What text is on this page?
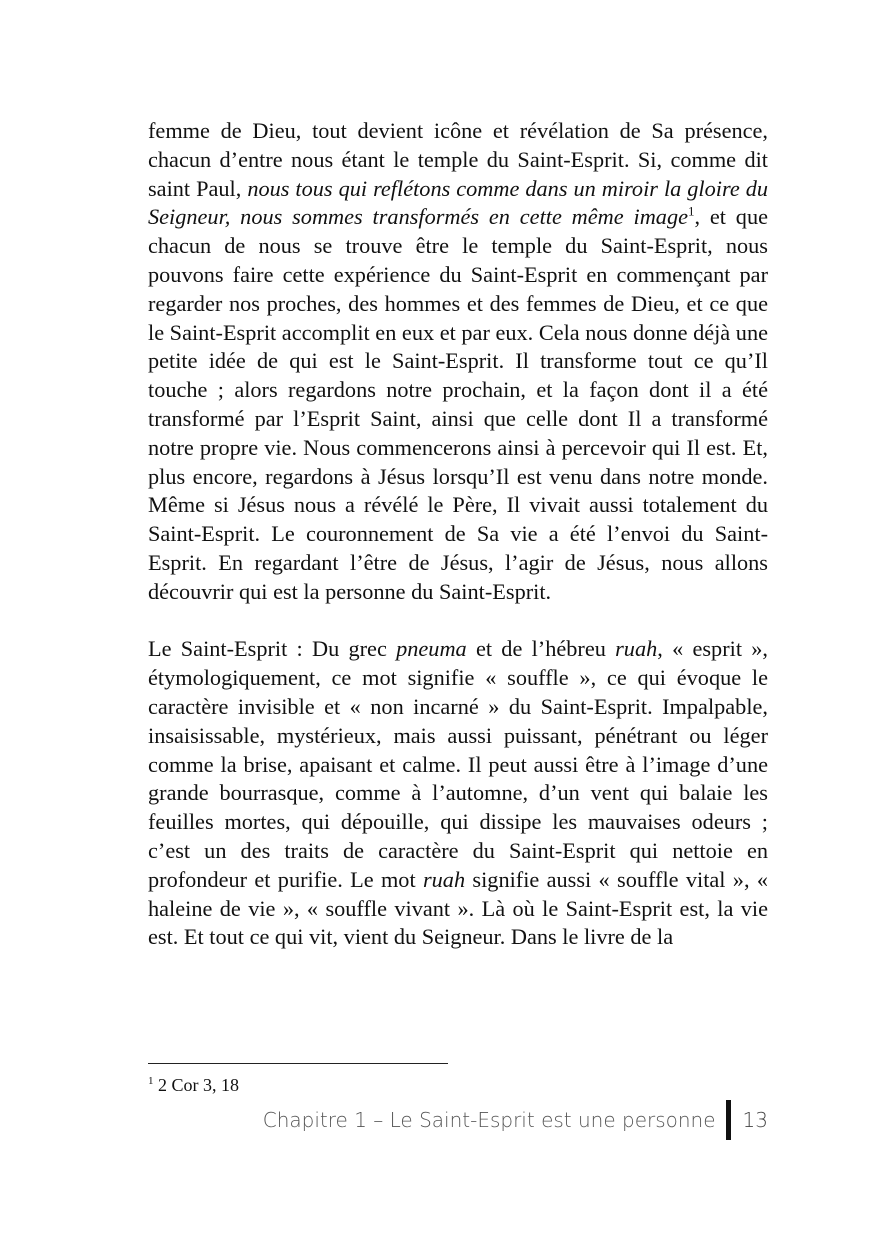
femme de Dieu, tout devient icône et révélation de Sa présence, chacun d’entre nous étant le temple du Saint-Esprit. Si, comme dit saint Paul, nous tous qui reflétons comme dans un miroir la gloire du Seigneur, nous sommes transformés en cette même image$^1$, et que chacun de nous se trouve être le temple du Saint-Esprit, nous pouvons faire cette expérience du Saint-Esprit en commençant par regarder nos proches, des hommes et des femmes de Dieu, et ce que le Saint-Esprit accomplit en eux et par eux. Cela nous donne déjà une petite idée de qui est le Saint-Esprit. Il transforme tout ce qu’Il touche ; alors regardons notre prochain, et la façon dont il a été transformé par l’Esprit Saint, ainsi que celle dont Il a transformé notre propre vie. Nous commencerons ainsi à percevoir qui Il est. Et, plus encore, regardons à Jésus lorsqu’Il est venu dans notre monde. Même si Jésus nous a révélé le Père, Il vivait aussi totalement du Saint-Esprit. Le couronnement de Sa vie a été l’envoi du Saint-Esprit. En regardant l’être de Jésus, l’agir de Jésus, nous allons découvrir qui est la personne du Saint-Esprit.

Le Saint-Esprit : Du grec pneuma et de l’hébreu ruah, « esprit », étymologiquement, ce mot signifie « souffle », ce qui évoque le caractère invisible et « non incarné » du Saint-Esprit. Impalpable, insaisissable, mystérieux, mais aussi puissant, pénétrant ou léger comme la brise, apaisant et calme. Il peut aussi être à l’image d’une grande bourrasque, comme à l’automne, d’un vent qui balaie les feuilles mortes, qui dépouille, qui dissipe les mauvaises odeurs ; c’est un des traits de caractère du Saint-Esprit qui nettoie en profondeur et purifie. Le mot ruah signifie aussi « souffle vital », « haleine de vie », « souffle vivant ». Là où le Saint-Esprit est, la vie est. Et tout ce qui vit, vient du Seigneur. Dans le livre de la

$^1$ 2 Cor 3, 18
Chapitre 1 – Le Saint-Esprit est une personne 13
